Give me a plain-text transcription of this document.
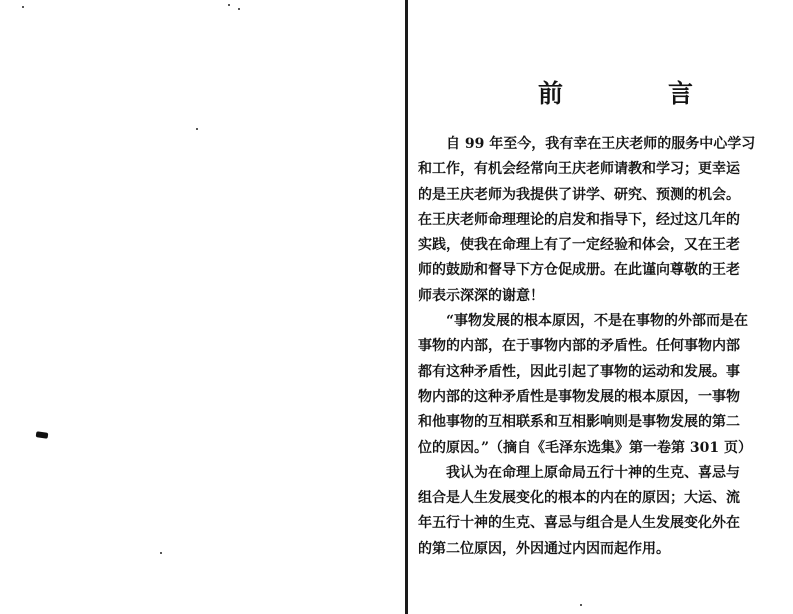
前　言
自 99 年至今，我有幸在王庆老师的服务中心学习
和工作，有机会经常向王庆老师请教和学习；更幸运
的是王庆老师为我提供了讲学、研究、预测的机会。
在王庆老师命理理论的启发和指导下，经过这几年的
实践，使我在命理上有了一定经验和体会，又在王老
师的鼓励和督导下方仓促成册。在此谨向尊敬的王老
师表示深深的谢意！
“事物发展的根本原因，不是在事物的外部而是在
事物的内部，在于事物内部的矛盾性。任何事物内部
都有这种矛盾性，因此引起了事物的运动和发展。事
物内部的这种矛盾性是事物发展的根本原因，一事物
和他事物的互相联系和互相影响则是事物发展的第二
位的原因。”（摘自《毛泽东选集》第一卷第 301 页）
我认为在命理上原命局五行十神的生克、喜忌与
组合是人生发展变化的根本的内在的原因；大运、流
年五行十神的生克、喜忌与组合是人生发展变化外在
的第二位原因，外因通过内因而起作用。
